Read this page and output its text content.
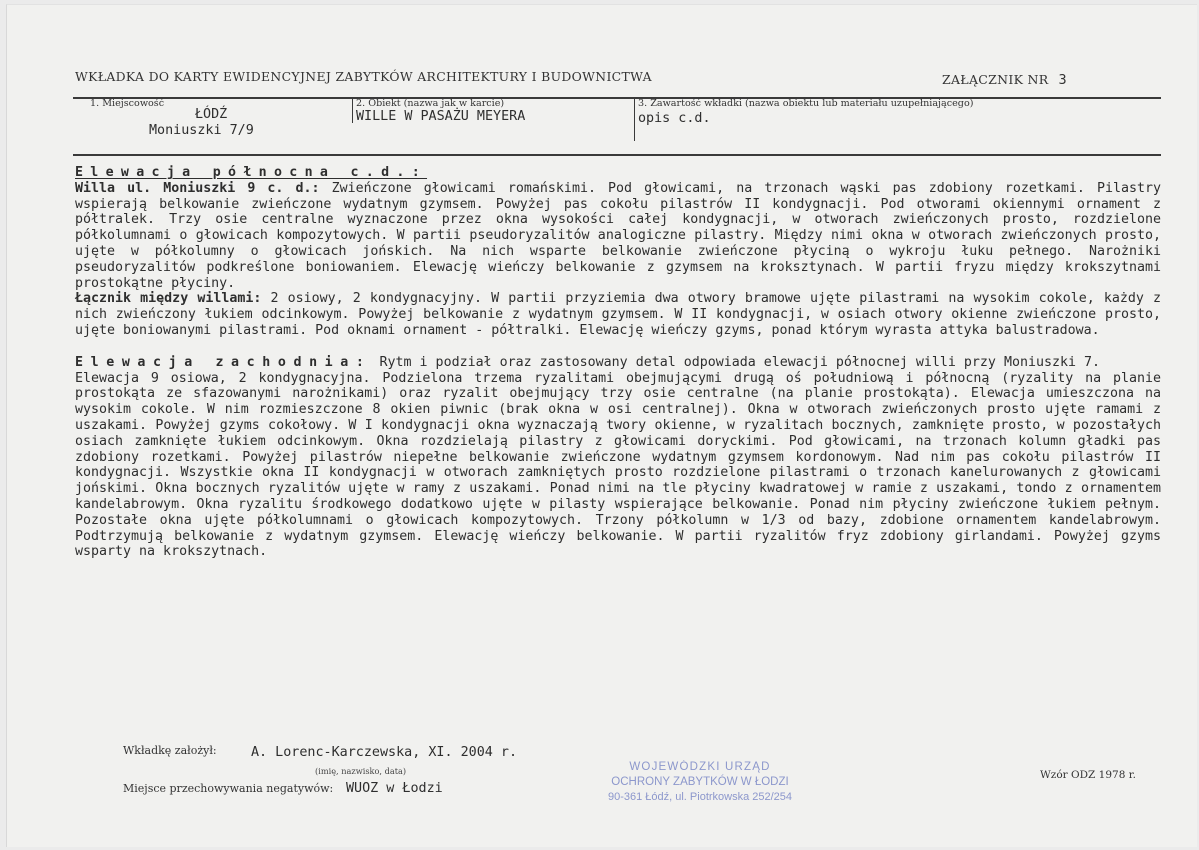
WKŁADKA DO KARTY EWIDENCYJNEJ ZABYTKÓW ARCHITEKTURY I BUDOWNICTWA	ZAŁĄCZNIK NR 3
1. Miejscowość
ŁÓDŹ
Moniuszki 7/9
2. Obiekt (nazwa jak w karcie)
WILLE W PASAŻU MEYERA
3. Zawartość wkładki (nazwa obiektu lub materiału uzupełniającego)
opis c.d.

Elewacja północna c.d.:

Willa ul. Moniuszki 9 c. d.: Zwieńczone głowicami romańskimi. Pod głowicami, na trzonach wąski pas zdobiony rozetkami. Pilastry wspierają belkowanie zwieńczone wydatnym gzymsem. Powyżej pas cokołu pilastrów II kondygnacji. Pod otworami okiennymi ornament z półtralek. Trzy osie centralne wyznaczone przez okna wysokości całej kondygnacji, w otworach zwieńczonych prosto, rozdzielone półkolumnami o głowicach kompozytowych. W partii pseudoryzalitów analogiczne pilastry. Między nimi okna w otworach zwieńczonych prosto, ujęte w półkolumny o głowicach jońskich. Na nich wsparte belkowanie zwieńczone płyciną o wykroju łuku pełnego. Narożniki pseudoryzalitów podkreślone boniowaniem. Elewację wieńczy belkowanie z gzymsem na kroksztynach. W partii fryzu między krokszytnami prostokątne płyciny.

Łącznik między willami: 2 osiowy, 2 kondygnacyjny. W partii przyziemia dwa otwory bramowe ujęte pilastrami na wysokim cokole, każdy z nich zwieńczony łukiem odcinkowym. Powyżej belkowanie z wydatnym gzymsem. W II kondygnacji, w osiach otwory okienne zwieńczone prosto, ujęte boniowanymi pilastrami. Pod oknami ornament - półtralki. Elewację wieńczy gzyms, ponad którym wyrasta attyka balustradowa.

Elewacja zachodnia: Rytm i podział oraz zastosowany detal odpowiada elewacji północnej willi przy Moniuszki 7.

Elewacja 9 osiowa, 2 kondygnacyjna. Podzielona trzema ryzalitami obejmującymi drugą oś południową i północną (ryzality na planie prostokąta ze sfazowanymi narożnikami) oraz ryzalit obejmujący trzy osie centralne (na planie prostokąta). Elewacja umieszczona na wysokim cokole. W nim rozmieszczone 8 okien piwnic (brak okna w osi centralnej). Okna w otworach zwieńczonych prosto ujęte ramami z uszakami. Powyżej gzyms cokołowy. W I kondygnacji okna wyznaczają twory okienne, w ryzalitach bocznych, zamknięte prosto, w pozostałych osiach zamknięte łukiem odcinkowym. Okna rozdzielają pilastry z głowicami doryckimi. Pod głowicami, na trzonach kolumn gładki pas zdobiony rozetkami. Powyżej pilastrów niepełne belkowanie zwieńczone wydatnym gzymsem kordonowym. Nad nim pas cokołu pilastrów II kondygnacji. Wszystkie okna II kondygnacji w otworach zamkniętych prosto rozdzielone pilastrami o trzonach kanelurowanych z głowicami jońskimi. Okna bocznych ryzalitów ujęte w ramy z uszakami. Ponad nimi na tle płyciny kwadratowej w ramie z uszakami, tondo z ornamentem kandelabrowym. Okna ryzalitu środkowego dodatkowo ujęte w pilasty wspierające belkowanie. Ponad nim płyciny zwieńczone łukiem pełnym. Pozostałe okna ujęte półkolumnami o głowicach kompozytowych. Trzony półkolumn w 1/3 od bazy, zdobione ornamentem kandelabrowym. Podtrzymują belkowanie z wydatnym gzymsem. Elewację wieńczy belkowanie. W partii ryzalitów fryz zdobiony girlandami. Powyżej gzyms wsparty na krokszytnach.

Wkładkę założył:	A. Lorenc-Karczewska, XI. 2004 r.
(imię, nazwisko, data)
Miejsce przechowywania negatywów: WUOZ w Łodzi
WOJEWÓDZKI URZĄD
OCHRONY ZABYTKÓW W ŁODZI
90-361 Łódź, ul. Piotrkowska 252/254
Wzór ODZ 1978 r.
